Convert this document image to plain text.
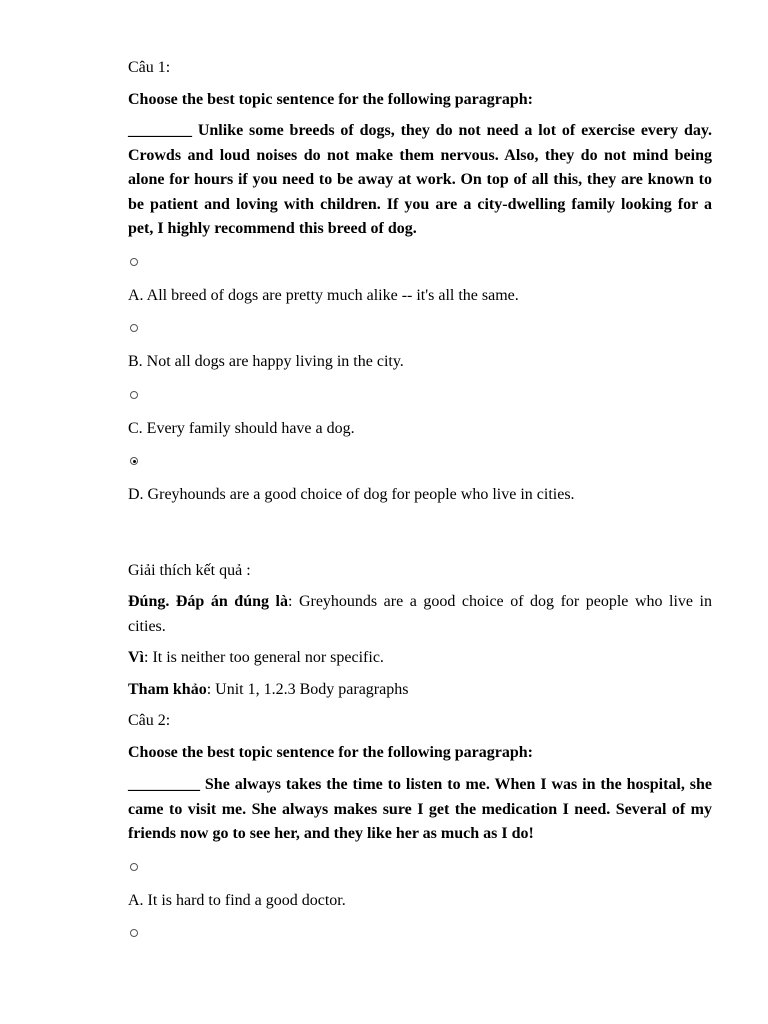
Câu 1:

Choose the best topic sentence for the following paragraph:

________ Unlike some breeds of dogs, they do not need a lot of exercise every day. Crowds and loud noises do not make them nervous. Also, they do not mind being alone for hours if you need to be away at work. On top of all this, they are known to be patient and loving with children. If you are a city-dwelling family looking for a pet, I highly recommend this breed of dog.

A. All breed of dogs are pretty much alike -- it's all the same.

B. Not all dogs are happy living in the city.

C. Every family should have a dog.

D. Greyhounds are a good choice of dog for people who live in cities.

Giải thích kết quả :

Đúng. Đáp án đúng là: Greyhounds are a good choice of dog for people who live in cities.

Vì: It is neither too general nor specific.

Tham khảo: Unit 1, 1.2.3 Body paragraphs

Câu 2:

Choose the best topic sentence for the following paragraph:

_________ She always takes the time to listen to me. When I was in the hospital, she came to visit me. She always makes sure I get the medication I need. Several of my friends now go to see her, and they like her as much as I do!

A. It is hard to find a good doctor.
